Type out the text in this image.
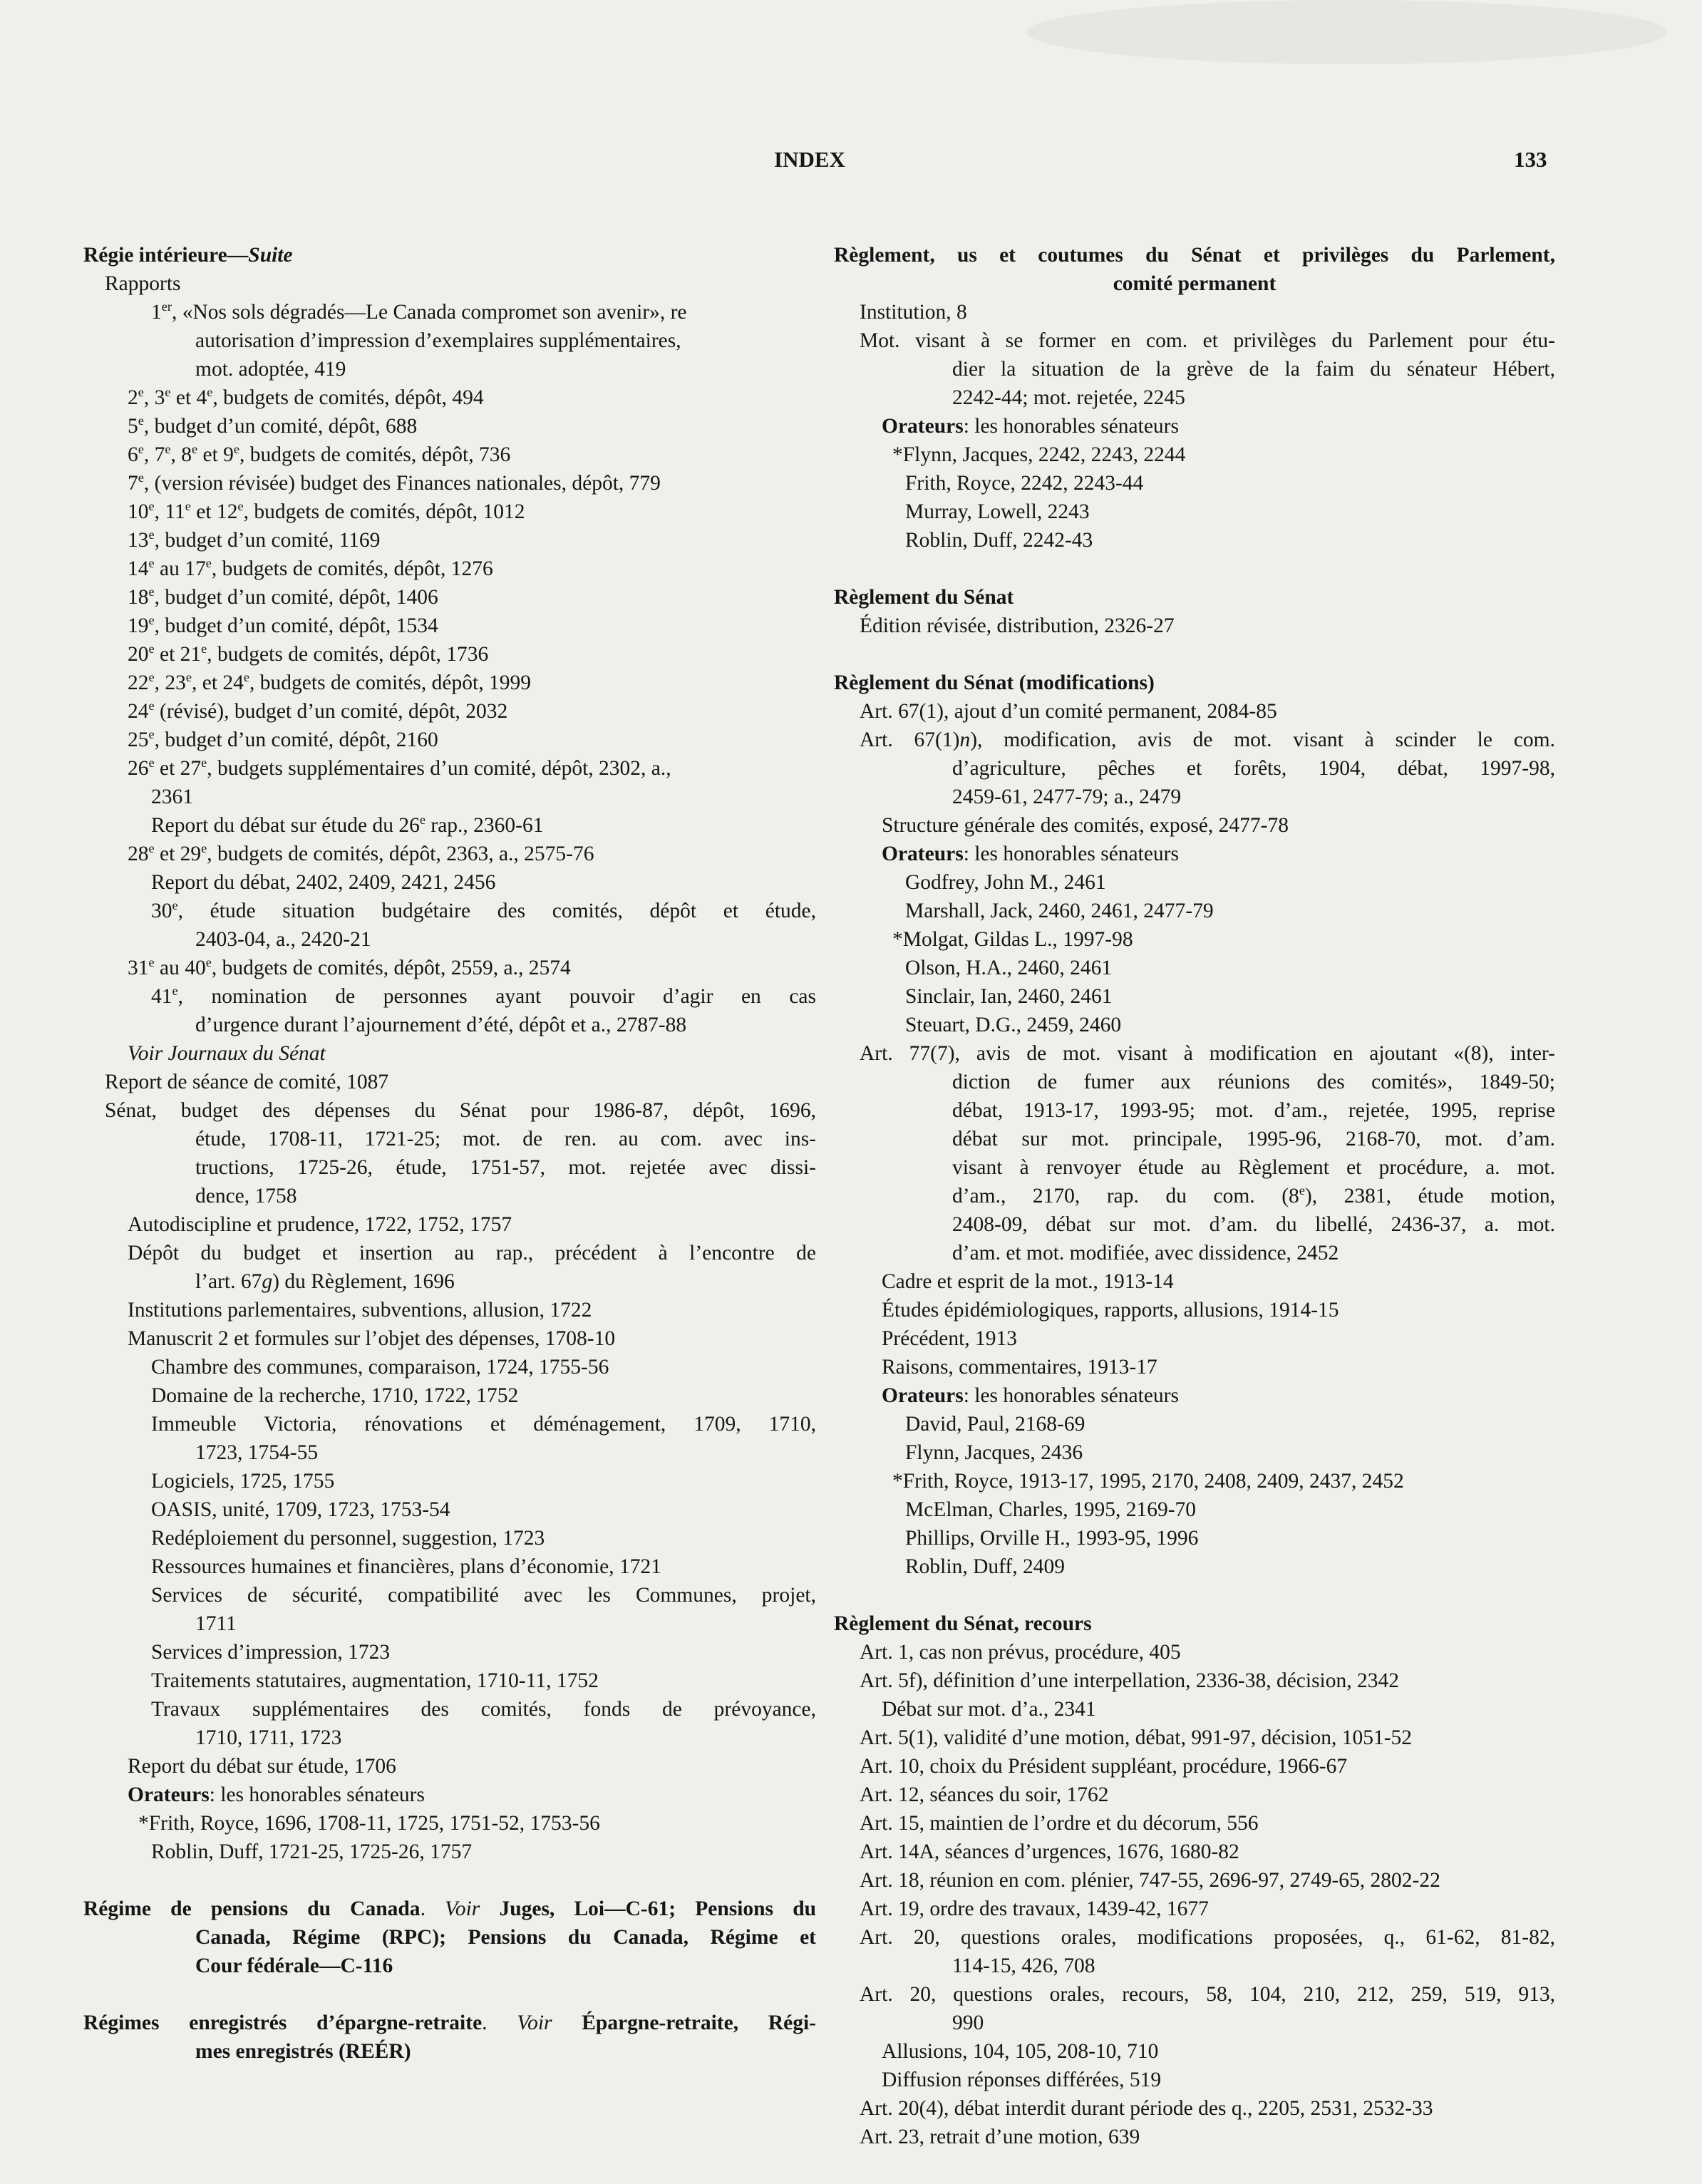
INDEX	133
Régie intérieure—Suite
Rapports
1er, «Nos sols dégradés—Le Canada compromet son avenir», re
autorisation d’impression d’exemplaires supplémentaires,
mot. adoptée, 419
2e, 3e et 4e, budgets de comités, dépôt, 494
5e, budget d’un comité, dépôt, 688
6e, 7e, 8e et 9e, budgets de comités, dépôt, 736
7e, (version révisée) budget des Finances nationales, dépôt, 779
10e, 11e et 12e, budgets de comités, dépôt, 1012
13e, budget d’un comité, 1169
14e au 17e, budgets de comités, dépôt, 1276
18e, budget d’un comité, dépôt, 1406
19e, budget d’un comité, dépôt, 1534
20e et 21e, budgets de comités, dépôt, 1736
22e, 23e, et 24e, budgets de comités, dépôt, 1999
24e (révisé), budget d’un comité, dépôt, 2032
25e, budget d’un comité, dépôt, 2160
26e et 27e, budgets supplémentaires d’un comité, dépôt, 2302, a.,
2361
Report du débat sur étude du 26e rap., 2360-61
28e et 29e, budgets de comités, dépôt, 2363, a., 2575-76
Report du débat, 2402, 2409, 2421, 2456
30e, étude situation budgétaire des comités, dépôt et étude,
2403-04, a., 2420-21
31e au 40e, budgets de comités, dépôt, 2559, a., 2574
41e, nomination de personnes ayant pouvoir d’agir en cas
d’urgence durant l’ajournement d’été, dépôt et a., 2787-88
Voir Journaux du Sénat
Report de séance de comité, 1087
Sénat, budget des dépenses du Sénat pour 1986-87, dépôt, 1696,
étude, 1708-11, 1721-25; mot. de ren. au com. avec ins-
tructions, 1725-26, étude, 1751-57, mot. rejetée avec dissi-
dence, 1758
Autodiscipline et prudence, 1722, 1752, 1757
Dépôt du budget et insertion au rap., précédent à l’encontre de
l’art. 67g) du Règlement, 1696
Institutions parlementaires, subventions, allusion, 1722
Manuscrit 2 et formules sur l’objet des dépenses, 1708-10
Chambre des communes, comparaison, 1724, 1755-56
Domaine de la recherche, 1710, 1722, 1752
Immeuble Victoria, rénovations et déménagement, 1709, 1710,
1723, 1754-55
Logiciels, 1725, 1755
OASIS, unité, 1709, 1723, 1753-54
Redéploiement du personnel, suggestion, 1723
Ressources humaines et financières, plans d’économie, 1721
Services de sécurité, compatibilité avec les Communes, projet,
1711
Services d’impression, 1723
Traitements statutaires, augmentation, 1710-11, 1752
Travaux supplémentaires des comités, fonds de prévoyance,
1710, 1711, 1723
Report du débat sur étude, 1706
Orateurs: les honorables sénateurs
*Frith, Royce, 1696, 1708-11, 1725, 1751-52, 1753-56
Roblin, Duff, 1721-25, 1725-26, 1757
Régime de pensions du Canada. Voir Juges, Loi—C-61; Pensions du
Canada, Régime (RPC); Pensions du Canada, Régime et
Cour fédérale—C-116
Régimes enregistrés d’épargne-retraite. Voir Épargne-retraite, Régi-
mes enregistrés (REÉR)
Règlement, us et coutumes du Sénat et privilèges du Parlement,
comité permanent
Institution, 8
Mot. visant à se former en com. et privilèges du Parlement pour étu-
dier la situation de la grève de la faim du sénateur Hébert,
2242-44; mot. rejetée, 2245
Orateurs: les honorables sénateurs
*Flynn, Jacques, 2242, 2243, 2244
Frith, Royce, 2242, 2243-44
Murray, Lowell, 2243
Roblin, Duff, 2242-43
Règlement du Sénat
Édition révisée, distribution, 2326-27
Règlement du Sénat (modifications)
Art. 67(1), ajout d’un comité permanent, 2084-85
Art. 67(1)n), modification, avis de mot. visant à scinder le com.
d’agriculture, pêches et forêts, 1904, débat, 1997-98,
2459-61, 2477-79; a., 2479
Structure générale des comités, exposé, 2477-78
Orateurs: les honorables sénateurs
Godfrey, John M., 2461
Marshall, Jack, 2460, 2461, 2477-79
*Molgat, Gildas L., 1997-98
Olson, H.A., 2460, 2461
Sinclair, Ian, 2460, 2461
Steuart, D.G., 2459, 2460
Art. 77(7), avis de mot. visant à modification en ajoutant «(8), inter-
diction de fumer aux réunions des comités», 1849-50;
débat, 1913-17, 1993-95; mot. d’am., rejetée, 1995, reprise
débat sur mot. principale, 1995-96, 2168-70, mot. d’am.
visant à renvoyer étude au Règlement et procédure, a. mot.
d’am., 2170, rap. du com. (8e), 2381, étude motion,
2408-09, débat sur mot. d’am. du libellé, 2436-37, a. mot.
d’am. et mot. modifiée, avec dissidence, 2452
Cadre et esprit de la mot., 1913-14
Études épidémiologiques, rapports, allusions, 1914-15
Précédent, 1913
Raisons, commentaires, 1913-17
Orateurs: les honorables sénateurs
David, Paul, 2168-69
Flynn, Jacques, 2436
*Frith, Royce, 1913-17, 1995, 2170, 2408, 2409, 2437, 2452
McElman, Charles, 1995, 2169-70
Phillips, Orville H., 1993-95, 1996
Roblin, Duff, 2409
Règlement du Sénat, recours
Art. 1, cas non prévus, procédure, 405
Art. 5f), définition d’une interpellation, 2336-38, décision, 2342
Débat sur mot. d’a., 2341
Art. 5(1), validité d’une motion, débat, 991-97, décision, 1051-52
Art. 10, choix du Président suppléant, procédure, 1966-67
Art. 12, séances du soir, 1762
Art. 15, maintien de l’ordre et du décorum, 556
Art. 14A, séances d’urgences, 1676, 1680-82
Art. 18, réunion en com. plénier, 747-55, 2696-97, 2749-65, 2802-22
Art. 19, ordre des travaux, 1439-42, 1677
Art. 20, questions orales, modifications proposées, q., 61-62, 81-82,
114-15, 426, 708
Art. 20, questions orales, recours, 58, 104, 210, 212, 259, 519, 913,
990
Allusions, 104, 105, 208-10, 710
Diffusion réponses différées, 519
Art. 20(4), débat interdit durant période des q., 2205, 2531, 2532-33
Art. 23, retrait d’une motion, 639
